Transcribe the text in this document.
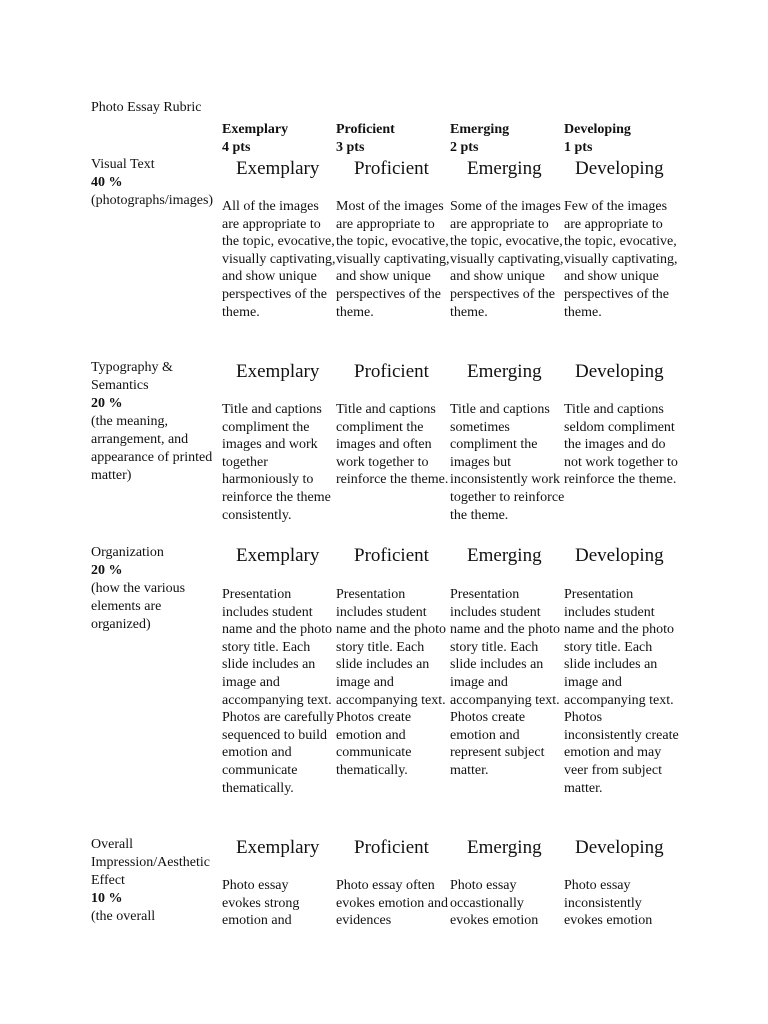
Photo Essay Rubric
Exemplary
4 pts
Proficient
3 pts
Emerging
2 pts
Developing
1 pts
Visual Text
40 %
(photographs/images)
Exemplary Proficient Emerging Developing
All of the images are appropriate to the topic, evocative, visually captivating, and show unique perspectives of the theme.
Most of the images are appropriate to the topic, evocative, visually captivating, and show unique perspectives of the theme.
Some of the images are appropriate to the topic, evocative, visually captivating, and show unique perspectives of the theme.
Few of the images are appropriate to the topic, evocative, visually captivating, and show unique perspectives of the theme.
Typography & Semantics
20 %
(the meaning, arrangement, and appearance of printed matter)
Exemplary Proficient Emerging Developing
Title and captions compliment the images and work together harmoniously to reinforce the theme consistently.
Title and captions compliment the images and often work together to reinforce the theme.
Title and captions sometimes compliment the images but inconsistently work together to reinforce the theme.
Title and captions seldom compliment the images and do not work together to reinforce the theme.
Organization
20 %
(how the various elements are organized)
Exemplary Proficient Emerging Developing
Presentation includes student name and the photo story title. Each slide includes an image and accompanying text. Photos are carefully sequenced to build emotion and communicate thematically.
Presentation includes student name and the photo story title. Each slide includes an image and accompanying text. Photos create emotion and communicate thematically.
Presentation includes student name and the photo story title. Each slide includes an image and accompanying text. Photos create emotion and represent subject matter.
Presentation includes student name and the photo story title. Each slide includes an image and accompanying text. Photos inconsistently create emotion and may veer from subject matter.
Overall Impression/Aesthetic Effect
10 %
(the overall
Exemplary Proficient Emerging Developing
Photo essay evokes strong emotion and
Photo essay often evokes emotion and evidences
Photo essay occastionally evokes emotion
Photo essay inconsistently evokes emotion
